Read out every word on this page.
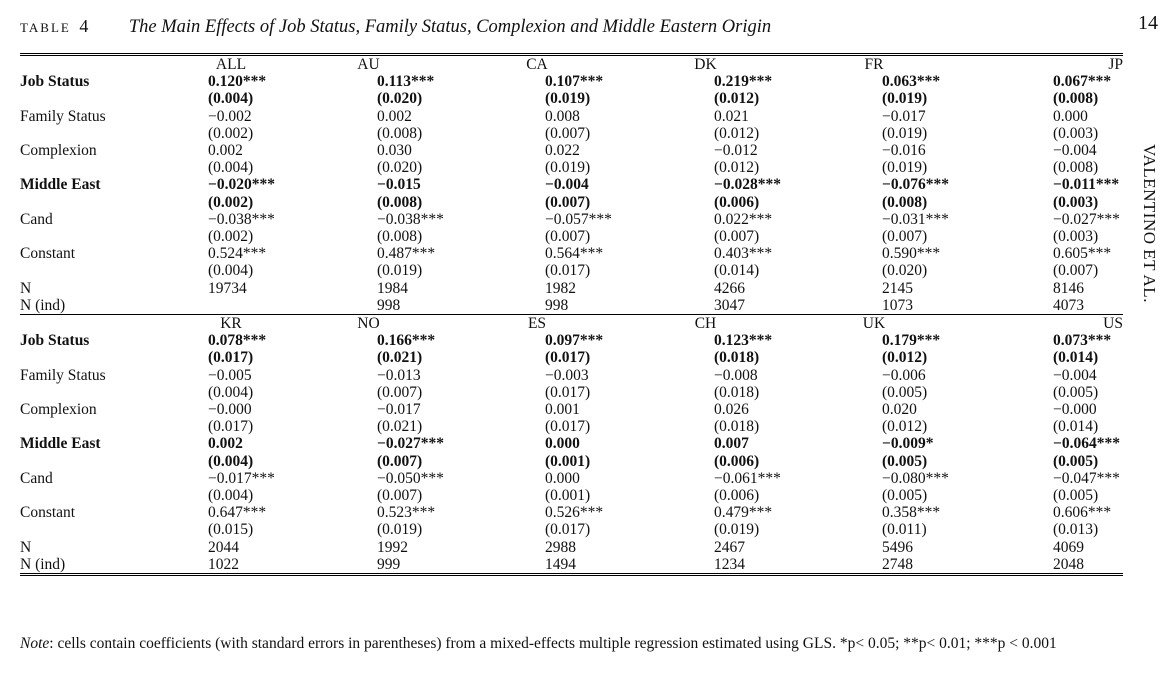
TABLE 4 The Main Effects of Job Status, Family Status, Complexion and Middle Eastern Origin	14
VALENTINO ET AL.
	ALL	AU	CA	DK	FR	JP
Job Status	0.120***	0.113***	0.107***	0.219***	0.063***	0.067***
	(0.004)	(0.020)	(0.019)	(0.012)	(0.019)	(0.008)
Family Status	−0.002	0.002	0.008	0.021	−0.017	0.000
	(0.002)	(0.008)	(0.007)	(0.012)	(0.019)	(0.003)
Complexion	0.002	0.030	0.022	−0.012	−0.016	−0.004
	(0.004)	(0.020)	(0.019)	(0.012)	(0.019)	(0.008)
Middle East	−0.020***	−0.015	−0.004	−0.028***	−0.076***	−0.011***
	(0.002)	(0.008)	(0.007)	(0.006)	(0.008)	(0.003)
Cand	−0.038***	−0.038***	−0.057***	0.022***	−0.031***	−0.027***
	(0.002)	(0.008)	(0.007)	(0.007)	(0.007)	(0.003)
Constant	0.524***	0.487***	0.564***	0.403***	0.590***	0.605***
	(0.004)	(0.019)	(0.017)	(0.014)	(0.020)	(0.007)
N	19734	1984	1982	4266	2145	8146
N (ind)		998	998	3047	1073	4073
	KR	NO	ES	CH	UK	US
Job Status	0.078***	0.166***	0.097***	0.123***	0.179***	0.073***
	(0.017)	(0.021)	(0.017)	(0.018)	(0.012)	(0.014)
Family Status	−0.005	−0.013	−0.003	−0.008	−0.006	−0.004
	(0.004)	(0.007)	(0.017)	(0.018)	(0.005)	(0.005)
Complexion	−0.000	−0.017	0.001	0.026	0.020	−0.000
	(0.017)	(0.021)	(0.017)	(0.018)	(0.012)	(0.014)
Middle East	0.002	−0.027***	0.000	0.007	−0.009*	−0.064***
	(0.004)	(0.007)	(0.001)	(0.006)	(0.005)	(0.005)
Cand	−0.017***	−0.050***	0.000	−0.061***	−0.080***	−0.047***
	(0.004)	(0.007)	(0.001)	(0.006)	(0.005)	(0.005)
Constant	0.647***	0.523***	0.526***	0.479***	0.358***	0.606***
	(0.015)	(0.019)	(0.017)	(0.019)	(0.011)	(0.013)
N	2044	1992	2988	2467	5496	4069
N (ind)	1022	999	1494	1234	2748	2048
Note: cells contain coefficients (with standard errors in parentheses) from a mixed-effects multiple regression estimated using GLS. *p< 0.05; **p< 0.01; ***p < 0.001
